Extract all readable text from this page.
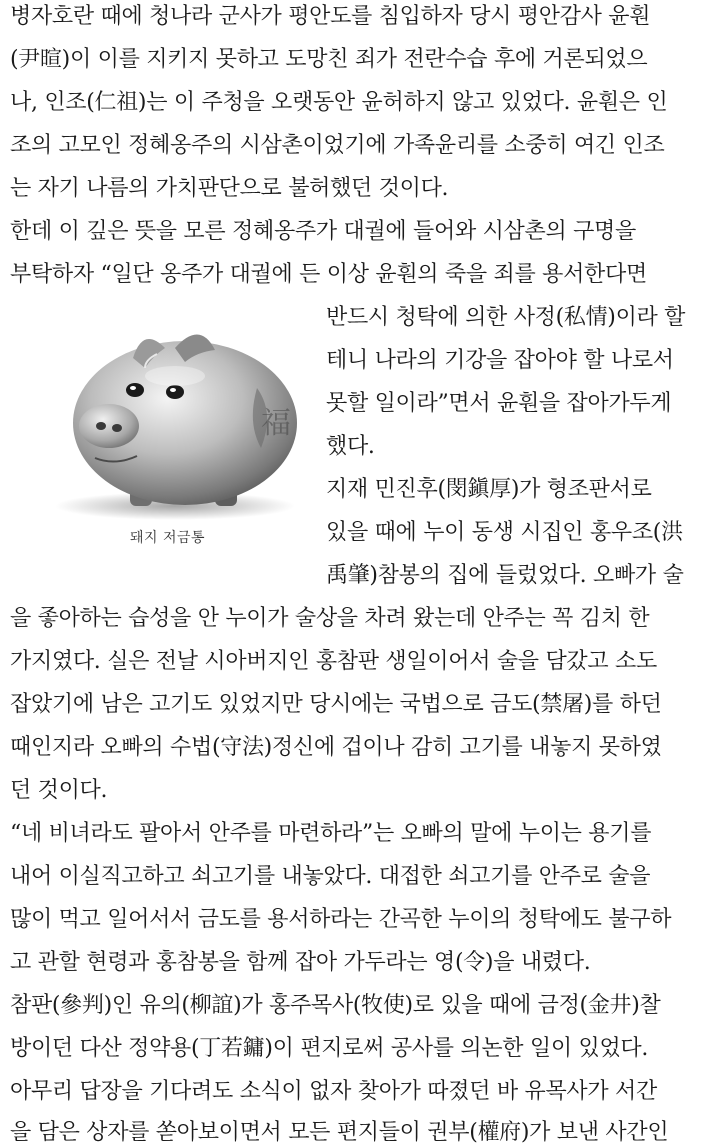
병자호란 때에 청나라 군사가 평안도를 침입하자 당시 평안감사 윤훤
(尹暄)이 이를 지키지 못하고 도망친 죄가 전란수습 후에 거론되었으
나, 인조(仁祖)는 이 주청을 오랫동안 윤허하지 않고 있었다. 윤훤은 인
조의 고모인 정혜옹주의 시삼촌이었기에 가족윤리를 소중히 여긴 인조
는 자기 나름의 가치판단으로 불허했던 것이다.
한데 이 깊은 뜻을 모른 정혜옹주가 대궐에 들어와 시삼촌의 구명을
부탁하자 “일단 옹주가 대궐에 든 이상 윤훤의 죽을 죄를 용서한다면
반드시 청탁에 의한 사정(私情)이라 할
테니 나라의 기강을 잡아야 할 나로서
못할 일이라”면서 윤훤을 잡아가두게
했다.
지재 민진후(閔鎭厚)가 형조판서로
있을 때에 누이 동생 시집인 홍우조(洪
禹肇)참봉의 집에 들렀었다. 오빠가 술
을 좋아하는 습성을 안 누이가 술상을 차려 왔는데 안주는 꼭 김치 한
가지였다. 실은 전날 시아버지인 홍참판 생일이어서 술을 담갔고 소도
잡았기에 남은 고기도 있었지만 당시에는 국법으로 금도(禁屠)를 하던
때인지라 오빠의 수법(守法)정신에 겁이나 감히 고기를 내놓지 못하였
던 것이다.
“네 비녀라도 팔아서 안주를 마련하라”는 오빠의 말에 누이는 용기를
내어 이실직고하고 쇠고기를 내놓았다. 대접한 쇠고기를 안주로 술을
많이 먹고 일어서서 금도를 용서하라는 간곡한 누이의 청탁에도 불구하
고 관할 현령과 홍참봉을 함께 잡아 가두라는 영(令)을 내렸다.
참판(參判)인 유의(柳誼)가 홍주목사(牧使)로 있을 때에 금정(金井)찰
방이던 다산 정약용(丁若鏞)이 편지로써 공사를 의논한 일이 있었다.
아무리 답장을 기다려도 소식이 없자 찾아가 따졌던 바 유목사가 서간
을 담은 상자를 쏟아보이면서 모든 편지들이 권부(權府)가 보낸 사간인
福
돼지 저금통
